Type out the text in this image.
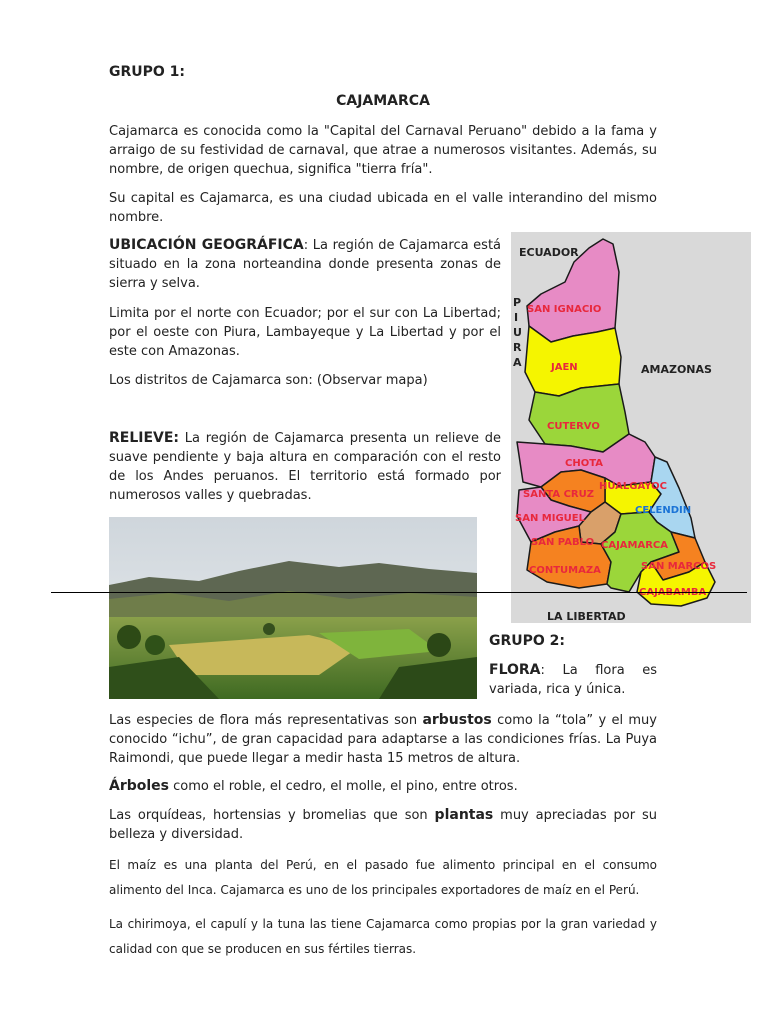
GRUPO 1:
CAJAMARCA
Cajamarca es conocida como la "Capital del Carnaval Peruano" debido a la fama y arraigo de su festividad de carnaval, que atrae a numerosos visitantes. Además, su nombre, de origen quechua, significa "tierra fría".
Su capital es Cajamarca, es una ciudad ubicada en el valle interandino del mismo nombre.
UBICACIÓN GEOGRÁFICA: La región de Cajamarca está situado en la zona norteandina donde presenta zonas de sierra y selva.
Limita por el norte con Ecuador; por el sur con La Libertad; por el oeste con Piura, Lambayeque y La Libertad y por el este con Amazonas.
Los distritos de Cajamarca son: (Observar mapa)
RELIEVE: La región de Cajamarca presenta un relieve de suave pendiente y baja altura en comparación con el resto de los Andes peruanos. El territorio está formado por numerosos valles y quebradas.
ECUADOR
AMAZONAS
LA LIBERTAD
P
I
U
R
A
SAN IGNACIO
JAEN
CUTERVO
CHOTA
HUALGAYOC
SANTA CRUZ
SAN MIGUEL
SAN PABLO CAJAMARCA
CONTUMAZA	SAN MARCOS
CELENDIN
GRUPO 2:
FLORA: La flora es variada, rica y única.
Las especies de flora más representativas son arbustos como la “tola” y el muy conocido “ichu”, de gran capacidad para adaptarse a las condiciones frías. La Puya Raimondi, que puede llegar a medir hasta 15 metros de altura.
Árboles como el roble, el cedro, el molle, el pino, entre otros.
Las orquídeas, hortensias y bromelias que son plantas muy apreciadas por su belleza y diversidad.
El maíz es una planta del Perú, en el pasado fue alimento principal en el consumo alimento del Inca. Cajamarca es uno de los principales exportadores de maíz en el Perú.
La chirimoya, el capulí y la tuna las tiene Cajamarca como propias por la gran variedad y calidad con que se producen en sus fértiles tierras.
